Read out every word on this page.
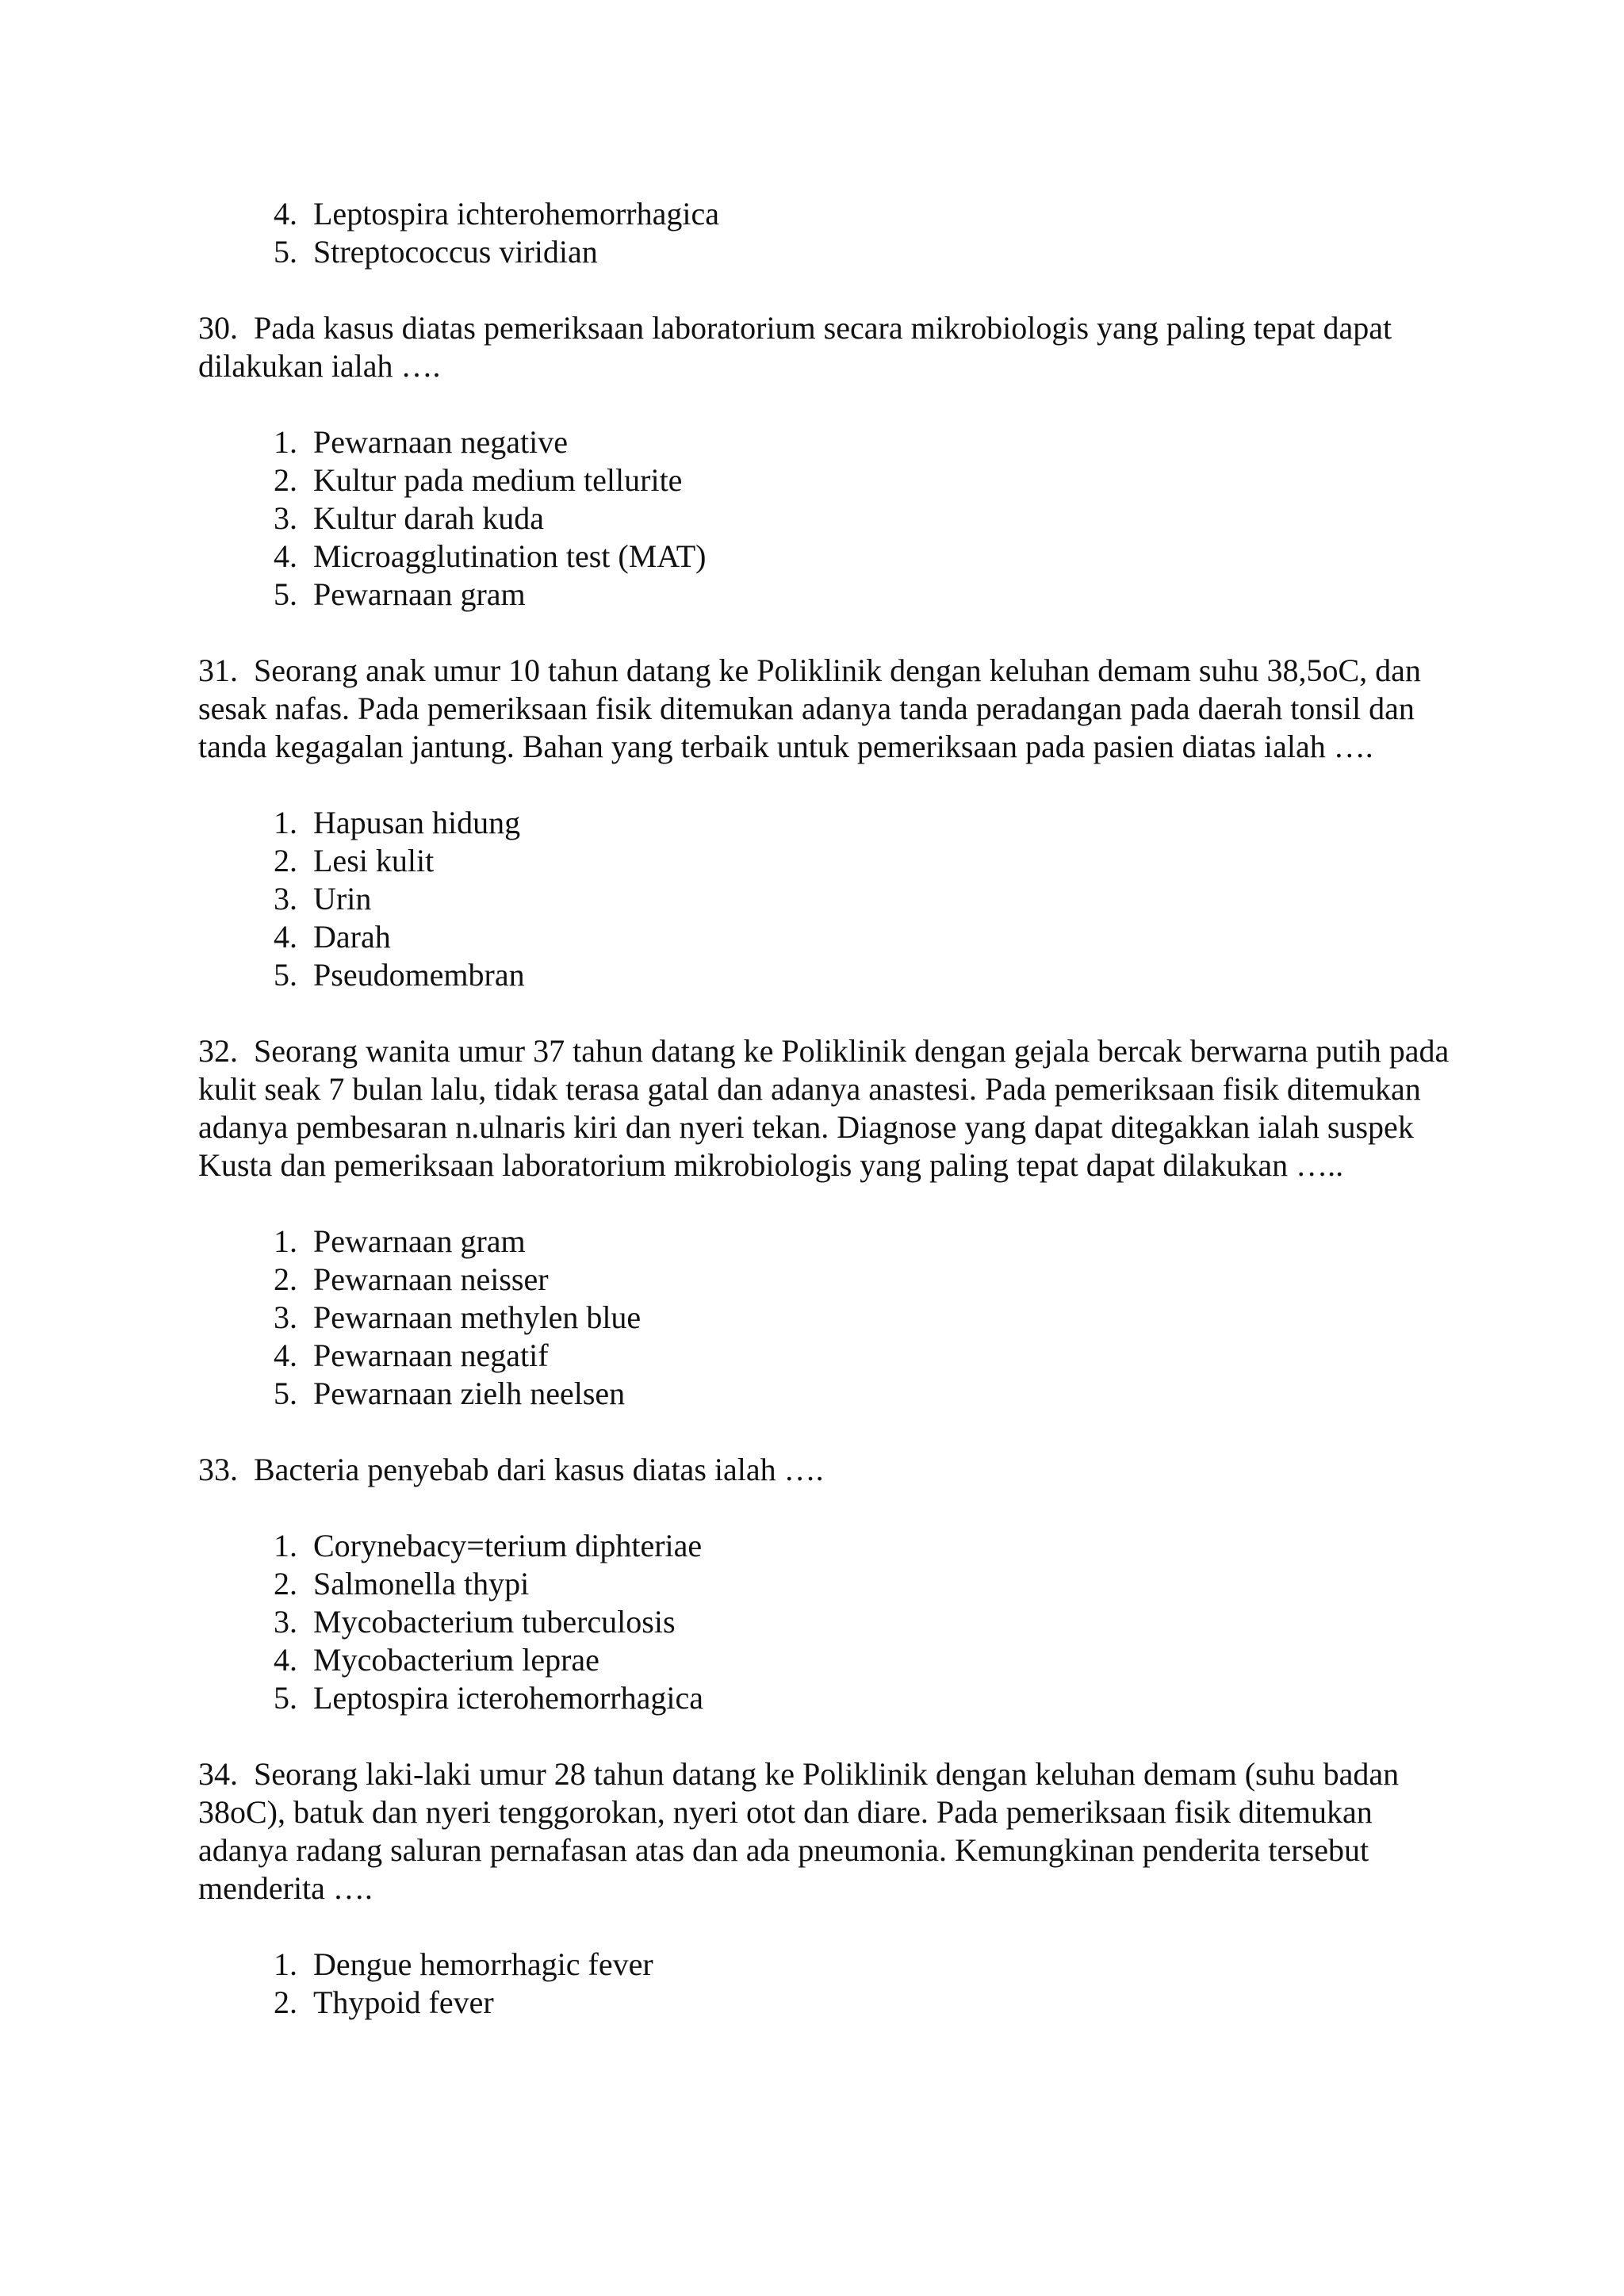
4. Leptospira ichterohemorrhagica
5. Streptococcus viridian

30. Pada kasus diatas pemeriksaan laboratorium secara mikrobiologis yang paling tepat dapat dilakukan ialah ….

1. Pewarnaan negative
2. Kultur pada medium tellurite
3. Kultur darah kuda
4. Microagglutination test (MAT)
5. Pewarnaan gram

31. Seorang anak umur 10 tahun datang ke Poliklinik dengan keluhan demam suhu 38,5oC, dan sesak nafas. Pada pemeriksaan fisik ditemukan adanya tanda peradangan pada daerah tonsil dan tanda kegagalan jantung. Bahan yang terbaik untuk pemeriksaan pada pasien diatas ialah ….

1. Hapusan hidung
2. Lesi kulit
3. Urin
4. Darah
5. Pseudomembran

32. Seorang wanita umur 37 tahun datang ke Poliklinik dengan gejala bercak berwarna putih pada kulit seak 7 bulan lalu, tidak terasa gatal dan adanya anastesi. Pada pemeriksaan fisik ditemukan adanya pembesaran n.ulnaris kiri dan nyeri tekan. Diagnose yang dapat ditegakkan ialah suspek Kusta dan pemeriksaan laboratorium mikrobiologis yang paling tepat dapat dilakukan …..

1. Pewarnaan gram
2. Pewarnaan neisser
3. Pewarnaan methylen blue
4. Pewarnaan negatif
5. Pewarnaan zielh neelsen

33. Bacteria penyebab dari kasus diatas ialah ….

1. Corynebacy=terium diphteriae
2. Salmonella thypi
3. Mycobacterium tuberculosis
4. Mycobacterium leprae
5. Leptospira icterohemorrhagica

34. Seorang laki-laki umur 28 tahun datang ke Poliklinik dengan keluhan demam (suhu badan 38oC), batuk dan nyeri tenggorokan, nyeri otot dan diare. Pada pemeriksaan fisik ditemukan adanya radang saluran pernafasan atas dan ada pneumonia. Kemungkinan penderita tersebut menderita ….

1. Dengue hemorrhagic fever
2. Thypoid fever
